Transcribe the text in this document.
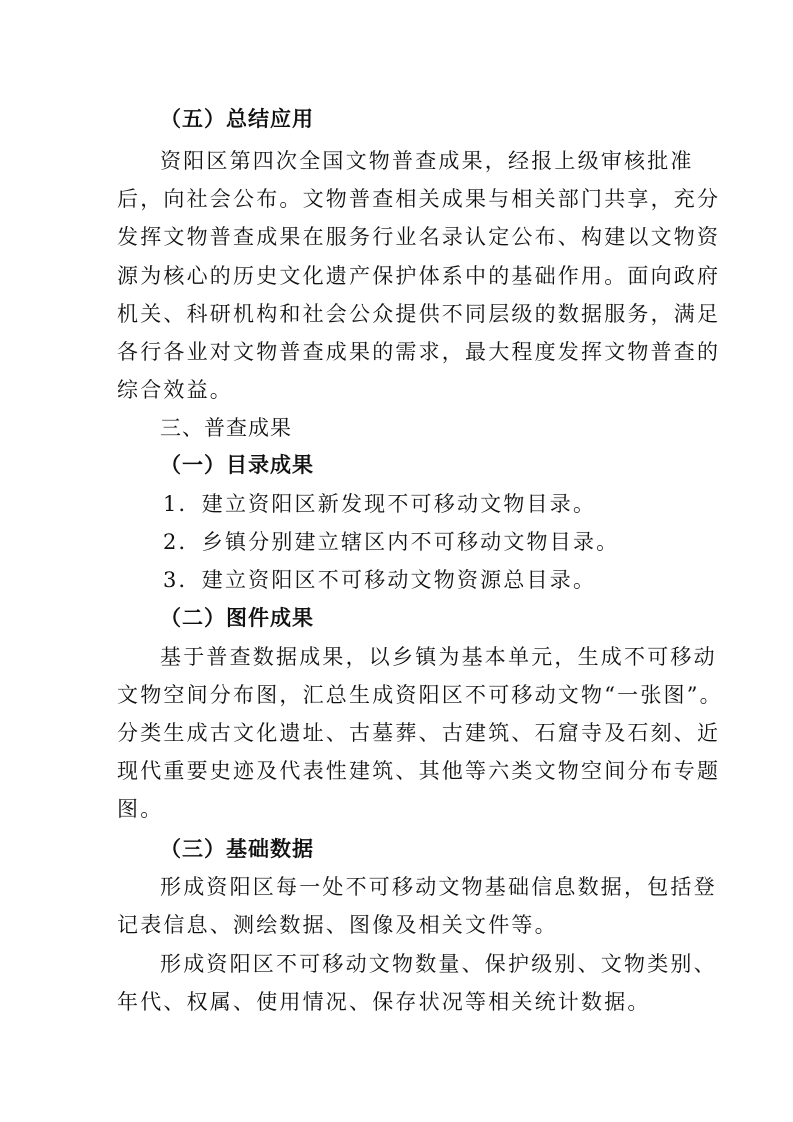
（五）总结应用
资阳区第四次全国文物普查成果，经报上级审核批准
后，向社会公布。文物普查相关成果与相关部门共享，充分
发挥文物普查成果在服务行业名录认定公布、构建以文物资
源为核心的历史文化遗产保护体系中的基础作用。面向政府
机关、科研机构和社会公众提供不同层级的数据服务，满足
各行各业对文物普查成果的需求，最大程度发挥文物普查的
综合效益。
三、普查成果
（一）目录成果
1．建立资阳区新发现不可移动文物目录。
2．乡镇分别建立辖区内不可移动文物目录。
3．建立资阳区不可移动文物资源总目录。
（二）图件成果
基于普查数据成果，以乡镇为基本单元，生成不可移动
文物空间分布图，汇总生成资阳区不可移动文物“一张图”。
分类生成古文化遗址、古墓葬、古建筑、石窟寺及石刻、近
现代重要史迹及代表性建筑、其他等六类文物空间分布专题
图。
（三）基础数据
形成资阳区每一处不可移动文物基础信息数据，包括登
记表信息、测绘数据、图像及相关文件等。
形成资阳区不可移动文物数量、保护级别、文物类别、
年代、权属、使用情况、保存状况等相关统计数据。
